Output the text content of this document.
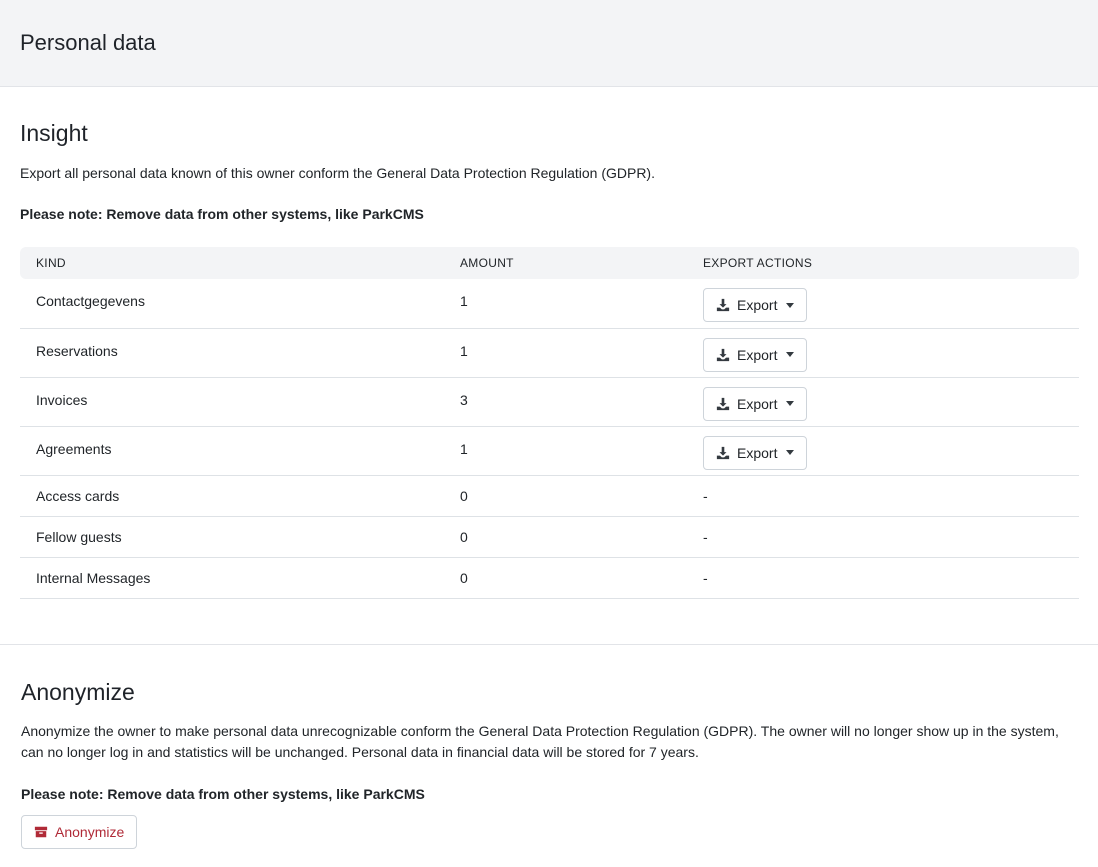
Personal data
Insight

Export all personal data known of this owner conform the General Data Protection Regulation (GDPR).

Please note: Remove data from other systems, like ParkCMS

KIND	AMOUNT	EXPORT ACTIONS
Contactgegevens	1	Export

Reservations	1	Export

Invoices	3	Export

Agreements	1	Export

Access cards	0	-
Fellow guests	0	-
Internal Messages	0	-
Anonymize

Anonymize the owner to make personal data unrecognizable conform the General Data Protection Regulation (GDPR). The owner will no longer show up in the system, can no longer log in and statistics will be unchanged. Personal data in financial data will be stored for 7 years.

Please note: Remove data from other systems, like ParkCMS

Anonymize
